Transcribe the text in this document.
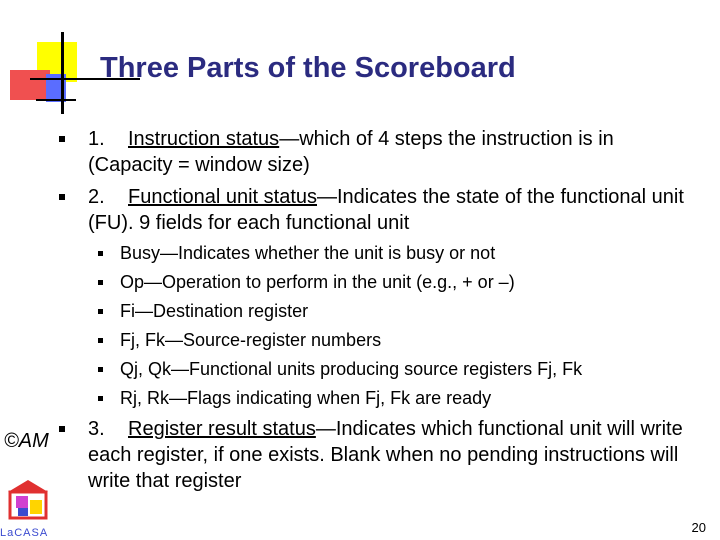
Three Parts of the Scoreboard
1. Instruction status—which of 4 steps the instruction is in (Capacity = window size)
2. Functional unit status—Indicates the state of the functional unit (FU). 9 fields for each functional unit
Busy—Indicates whether the unit is busy or not
Op—Operation to perform in the unit (e.g., + or –)
Fi—Destination register
Fj, Fk—Source-register numbers
Qj, Qk—Functional units producing source registers Fj, Fk
Rj, Rk—Flags indicating when Fj, Fk are ready
3. Register result status—Indicates which functional unit will write each register, if one exists. Blank when no pending instructions will write that register
©AM
LaCASA	20
